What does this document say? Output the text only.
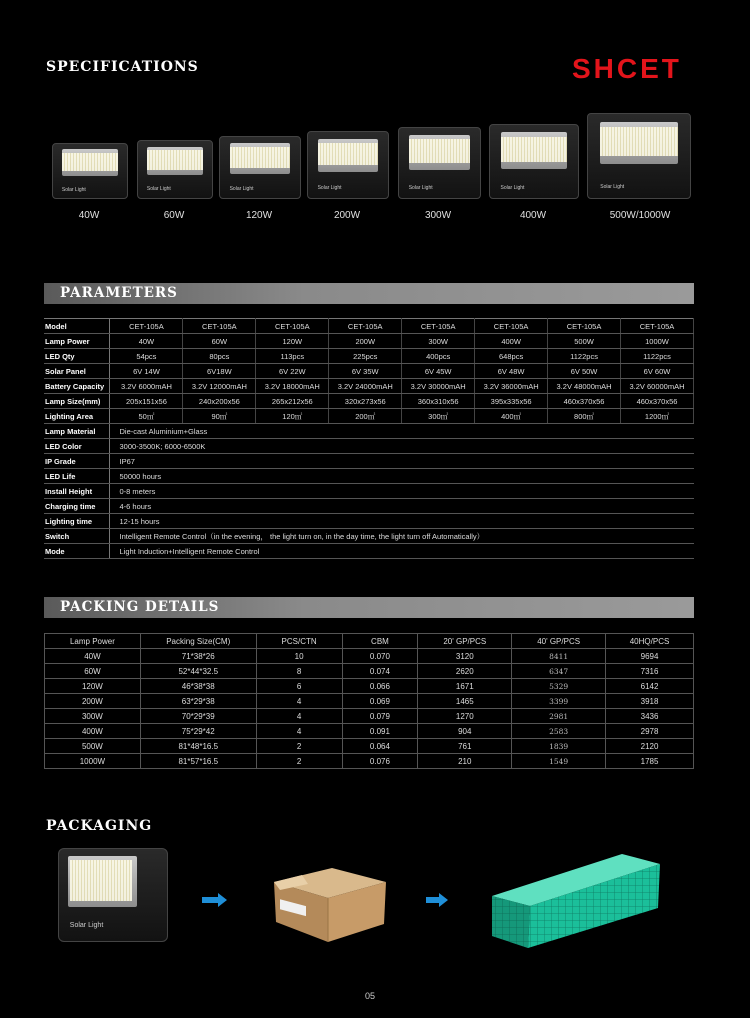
SPECIFICATIONS	SHCET
Solar Light	Solar Light	Solar Light	Solar Light	Solar Light	Solar Light	Solar Light
40W	60W	120W	200W	300W	400W	500W/1000W
PARAMETERS
Model	CET-105A	CET-105A	CET-105A	CET-105A	CET-105A	CET-105A	CET-105A	CET-105A
Lamp Power	40W	60W	120W	200W	300W	400W	500W	1000W
LED Qty	54pcs	80pcs	113pcs	225pcs	400pcs	648pcs	1122pcs	1122pcs
Solar Panel	6V 14W	6V18W	6V 22W	6V 35W	6V 45W	6V 48W	6V 50W	6V 60W
Battery Capacity	3.2V 6000mAH	3.2V 12000mAH	3.2V 18000mAH	3.2V 24000mAH	3.2V 30000mAH	3.2V 36000mAH	3.2V 48000mAH	3.2V 60000mAH
Lamp Size(mm)	205x151x56	240x200x56	265x212x56	320x273x56	360x310x56	395x335x56	460x370x56	460x370x56
Lighting Area	50㎡	90㎡	120㎡	200㎡	300㎡	400㎡	800㎡	1200㎡
Lamp Material	Die-cast Aluminium+Glass							
LED Color	3000-3500K; 6000-6500K							
IP Grade	IP67							
LED Life	50000 hours							
Install Height	0-8 meters							
Charging time	4-6 hours							
Lighting time	12-15 hours							
Switch	Intelligent Remote Control（in the evening， the light turn on, in the day time, the light turn off Automatically）							
Mode	Light Induction+Intelligent Remote Control							
PACKING DETAILS
Lamp Power	Packing Size(CM)	PCS/CTN	CBM	20' GP/PCS	40' GP/PCS	40HQ/PCS
40W	71*38*26	10	0.070	3120	8411	9694
60W	52*44*32.5	8	0.074	2620	6347	7316
120W	46*38*38	6	0.066	1671	5329	6142
200W	63*29*38	4	0.069	1465	3399	3918
300W	70*29*39	4	0.079	1270	2981	3436
400W	75*29*42	4	0.091	904	2583	2978
500W	81*48*16.5	2	0.064	761	1839	2120
1000W	81*57*16.5	2	0.076	210	1549	1785
PACKAGING
Solar Light
05
